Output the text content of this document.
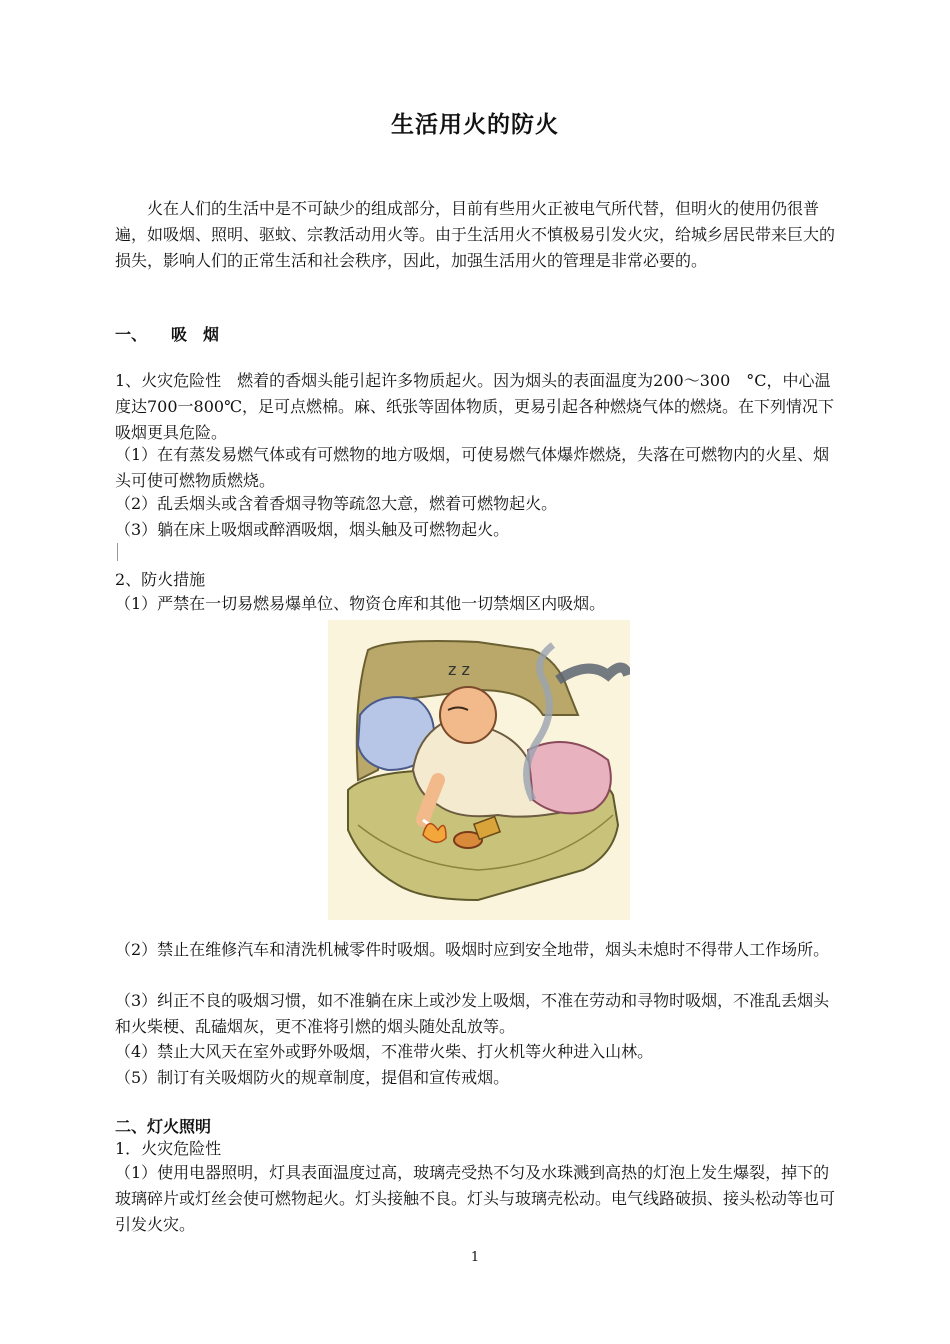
生活用火的防火

火在人们的生活中是不可缺少的组成部分，目前有些用火正被电气所代替，但明火的使用仍很普遍，如吸烟、照明、驱蚊、宗教活动用火等。由于生活用火不慎极易引发火灾，给城乡居民带来巨大的损失，影响人们的正常生活和社会秩序，因此，加强生活用火的管理是非常必要的。

一、　　吸　烟

1、火灾危险性　燃着的香烟头能引起许多物质起火。因为烟头的表面温度为200～300　°C，中心温度达700一800℃，足可点燃棉。麻、纸张等固体物质，更易引起各种燃烧气体的燃烧。在下列情况下吸烟更具危险。

（1）在有蒸发易燃气体或有可燃物的地方吸烟，可使易燃气体爆炸燃烧，失落在可燃物内的火星、烟头可使可燃物质燃烧。

（2）乱丢烟头或含着香烟寻物等疏忽大意，燃着可燃物起火。

（3）躺在床上吸烟或醉酒吸烟，烟头触及可燃物起火。

2、防火措施

（1）严禁在一切易燃易爆单位、物资仓库和其他一切禁烟区内吸烟。

z z

（2）禁止在维修汽车和清洗机械零件时吸烟。吸烟时应到安全地带，烟头未熄时不得带人工作场所。

（3）纠正不良的吸烟习惯，如不准躺在床上或沙发上吸烟，不准在劳动和寻物时吸烟，不准乱丢烟头和火柴梗、乱磕烟灰，更不准将引燃的烟头随处乱放等。

（4）禁止大风天在室外或野外吸烟，不准带火柴、打火机等火种进入山林。

（5）制订有关吸烟防火的规章制度，提倡和宣传戒烟。

二、灯火照明

1．火灾危险性

（1）使用电器照明，灯具表面温度过高，玻璃壳受热不匀及水珠溅到高热的灯泡上发生爆裂，掉下的玻璃碎片或灯丝会使可燃物起火。灯头接触不良。灯头与玻璃壳松动。电气线路破损、接头松动等也可引发火灾。

1
